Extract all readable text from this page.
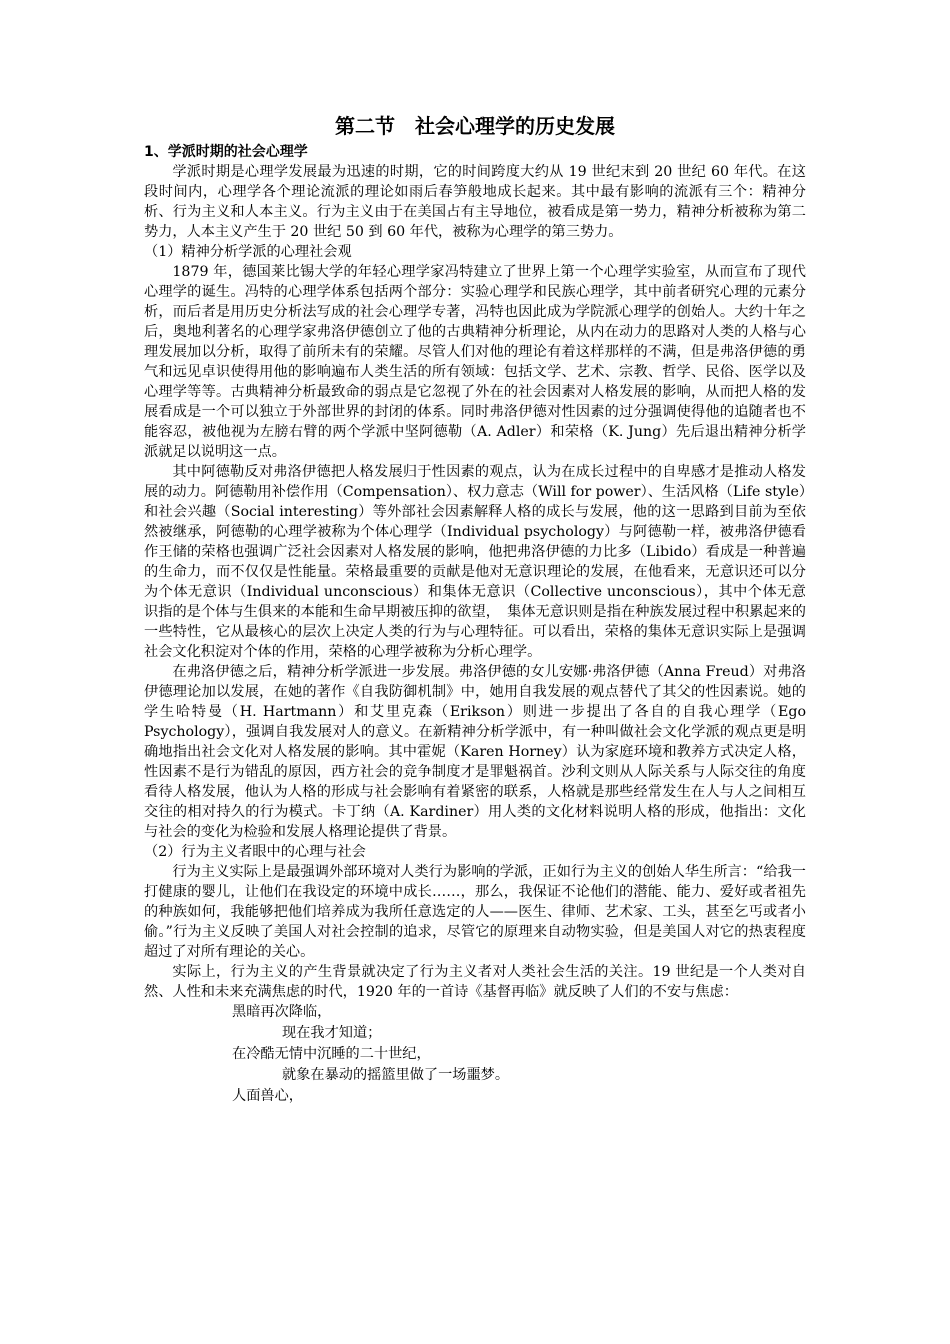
第二节　社会心理学的历史发展
1、学派时期的社会心理学

学派时期是心理学发展最为迅速的时期，它的时间跨度大约从 19 世纪末到 20 世纪 60 年代。在这段时间内，心理学各个理论流派的理论如雨后春笋般地成长起来。其中最有影响的流派有三个：精神分析、行为主义和人本主义。行为主义由于在美国占有主导地位，被看成是第一势力，精神分析被称为第二势力，人本主义产生于 20 世纪 50 到 60 年代，被称为心理学的第三势力。

（1）精神分析学派的心理社会观

1879 年，德国莱比锡大学的年轻心理学家冯特建立了世界上第一个心理学实验室，从而宣布了现代心理学的诞生。冯特的心理学体系包括两个部分：实验心理学和民族心理学，其中前者研究心理的元素分析，而后者是用历史分析法写成的社会心理学专著，冯特也因此成为学院派心理学的创始人。大约十年之后，奥地利著名的心理学家弗洛伊德创立了他的古典精神分析理论，从内在动力的思路对人类的人格与心理发展加以分析，取得了前所未有的荣耀。尽管人们对他的理论有着这样那样的不满，但是弗洛伊德的勇气和远见卓识使得用他的影响遍布人类生活的所有领域：包括文学、艺术、宗教、哲学、民俗、医学以及心理学等等。古典精神分析最致命的弱点是它忽视了外在的社会因素对人格发展的影响，从而把人格的发展看成是一个可以独立于外部世界的封闭的体系。同时弗洛伊德对性因素的过分强调使得他的追随者也不能容忍，被他视为左膀右臂的两个学派中坚阿德勒（A. Adler）和荣格（K. Jung）先后退出精神分析学派就足以说明这一点。

其中阿德勒反对弗洛伊德把人格发展归于性因素的观点，认为在成长过程中的自卑感才是推动人格发展的动力。阿德勒用补偿作用（Compensation）、权力意志（Will for power）、生活风格（Life style）和社会兴趣（Social interesting）等外部社会因素解释人格的成长与发展，他的这一思路到目前为至依然被继承，阿德勒的心理学被称为个体心理学（Individual psychology）与阿德勒一样，被弗洛伊德看作王储的荣格也强调广泛社会因素对人格发展的影响，他把弗洛伊德的力比多（Libido）看成是一种普遍的生命力，而不仅仅是性能量。荣格最重要的贡献是他对无意识理论的发展，在他看来，无意识还可以分为个体无意识（Individual unconscious）和集体无意识（Collective unconscious），其中个体无意识指的是个体与生俱来的本能和生命早期被压抑的欲望，　集体无意识则是指在种族发展过程中积累起来的一些特性，它从最核心的层次上决定人类的行为与心理特征。可以看出，荣格的集体无意识实际上是强调社会文化积淀对个体的作用，荣格的心理学被称为分析心理学。

在弗洛伊德之后，精神分析学派进一步发展。弗洛伊德的女儿安娜·弗洛伊德（Anna Freud）对弗洛伊德理论加以发展，在她的著作《自我防御机制》中，她用自我发展的观点替代了其父的性因素说。她的学生哈特曼（H. Hartmann）和艾里克森（Erikson）则进一步提出了各自的自我心理学（Ego Psychology），强调自我发展对人的意义。在新精神分析学派中，有一种叫做社会文化学派的观点更是明确地指出社会文化对人格发展的影响。其中霍妮（Karen Horney）认为家庭环境和教养方式决定人格，性因素不是行为错乱的原因，西方社会的竞争制度才是罪魁祸首。沙利文则从人际关系与人际交往的角度看待人格发展，他认为人格的形成与社会影响有着紧密的联系，人格就是那些经常发生在人与人之间相互交往的相对持久的行为模式。卡丁纳（A. Kardiner）用人类的文化材料说明人格的形成，他指出：文化与社会的变化为检验和发展人格理论提供了背景。

（2）行为主义者眼中的心理与社会

行为主义实际上是最强调外部环境对人类行为影响的学派，正如行为主义的创始人华生所言：“给我一打健康的婴儿，让他们在我设定的环境中成长……，那么，我保证不论他们的潜能、能力、爱好或者祖先的种族如何，我能够把他们培养成为我所任意选定的人——医生、律师、艺术家、工头，甚至乞丐或者小偷。”行为主义反映了美国人对社会控制的追求，尽管它的原理来自动物实验，但是美国人对它的热衷程度超过了对所有理论的关心。

实际上，行为主义的产生背景就决定了行为主义者对人类社会生活的关注。19 世纪是一个人类对自然、人性和未来充满焦虑的时代，1920 年的一首诗《基督再临》就反映了人们的不安与焦虑：

黑暗再次降临，
现在我才知道；
在冷酷无情中沉睡的二十世纪，
就象在暴动的摇篮里做了一场噩梦。
人面兽心，
